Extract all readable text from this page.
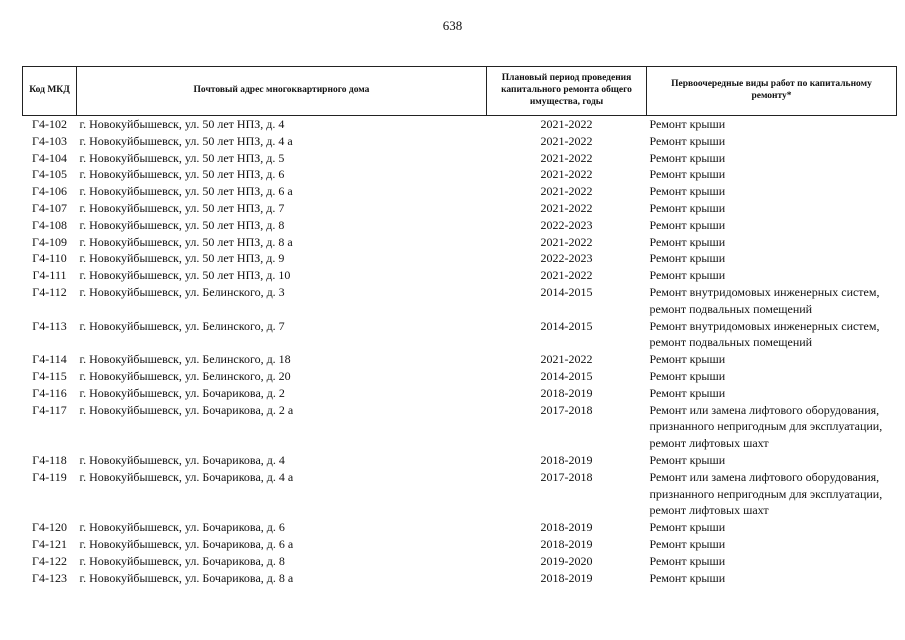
638
Код МКД	Почтовый адрес многоквартирного дома	Плановый период проведения капитального ремонта общего имущества, годы	Первоочередные виды работ по капитальному ремонту*
Г4-102	г. Новокуйбышевск, ул. 50 лет НПЗ, д. 4	2021-2022	Ремонт крыши

Г4-103	г. Новокуйбышевск, ул. 50 лет НПЗ, д. 4 а	2021-2022	Ремонт крыши

Г4-104	г. Новокуйбышевск, ул. 50 лет НПЗ, д. 5	2021-2022	Ремонт крыши

Г4-105	г. Новокуйбышевск, ул. 50 лет НПЗ, д. 6	2021-2022	Ремонт крыши

Г4-106	г. Новокуйбышевск, ул. 50 лет НПЗ, д. 6 а	2021-2022	Ремонт крыши

Г4-107	г. Новокуйбышевск, ул. 50 лет НПЗ, д. 7	2021-2022	Ремонт крыши

Г4-108	г. Новокуйбышевск, ул. 50 лет НПЗ, д. 8	2022-2023	Ремонт крыши

Г4-109	г. Новокуйбышевск, ул. 50 лет НПЗ, д. 8 а	2021-2022	Ремонт крыши

Г4-110	г. Новокуйбышевск, ул. 50 лет НПЗ, д. 9	2022-2023	Ремонт крыши

Г4-111	г. Новокуйбышевск, ул. 50 лет НПЗ, д. 10	2021-2022	Ремонт крыши

Г4-112	г. Новокуйбышевск, ул. Белинского, д. 3	2014-2015	Ремонт внутридомовых инженерных систем,
ремонт подвальных помещений

Г4-113	г. Новокуйбышевск, ул. Белинского, д. 7	2014-2015	Ремонт внутридомовых инженерных систем,
ремонт подвальных помещений

Г4-114	г. Новокуйбышевск, ул. Белинского, д. 18	2021-2022	Ремонт крыши

Г4-115	г. Новокуйбышевск, ул. Белинского, д. 20	2014-2015	Ремонт крыши

Г4-116	г. Новокуйбышевск, ул. Бочарикова, д. 2	2018-2019	Ремонт крыши

Г4-117	г. Новокуйбышевск, ул. Бочарикова, д. 2 а	2017-2018	Ремонт или замена лифтового оборудования,
признанного непригодным для эксплуатации,
ремонт лифтовых шахт

Г4-118	г. Новокуйбышевск, ул. Бочарикова, д. 4	2018-2019	Ремонт крыши

Г4-119	г. Новокуйбышевск, ул. Бочарикова, д. 4 а	2017-2018	Ремонт или замена лифтового оборудования,
признанного непригодным для эксплуатации,
ремонт лифтовых шахт

Г4-120	г. Новокуйбышевск, ул. Бочарикова, д. 6	2018-2019	Ремонт крыши

Г4-121	г. Новокуйбышевск, ул. Бочарикова, д. 6 а	2018-2019	Ремонт крыши

Г4-122	г. Новокуйбышевск, ул. Бочарикова, д. 8	2019-2020	Ремонт крыши

Г4-123	г. Новокуйбышевск, ул. Бочарикова, д. 8 а	2018-2019	Ремонт крыши
